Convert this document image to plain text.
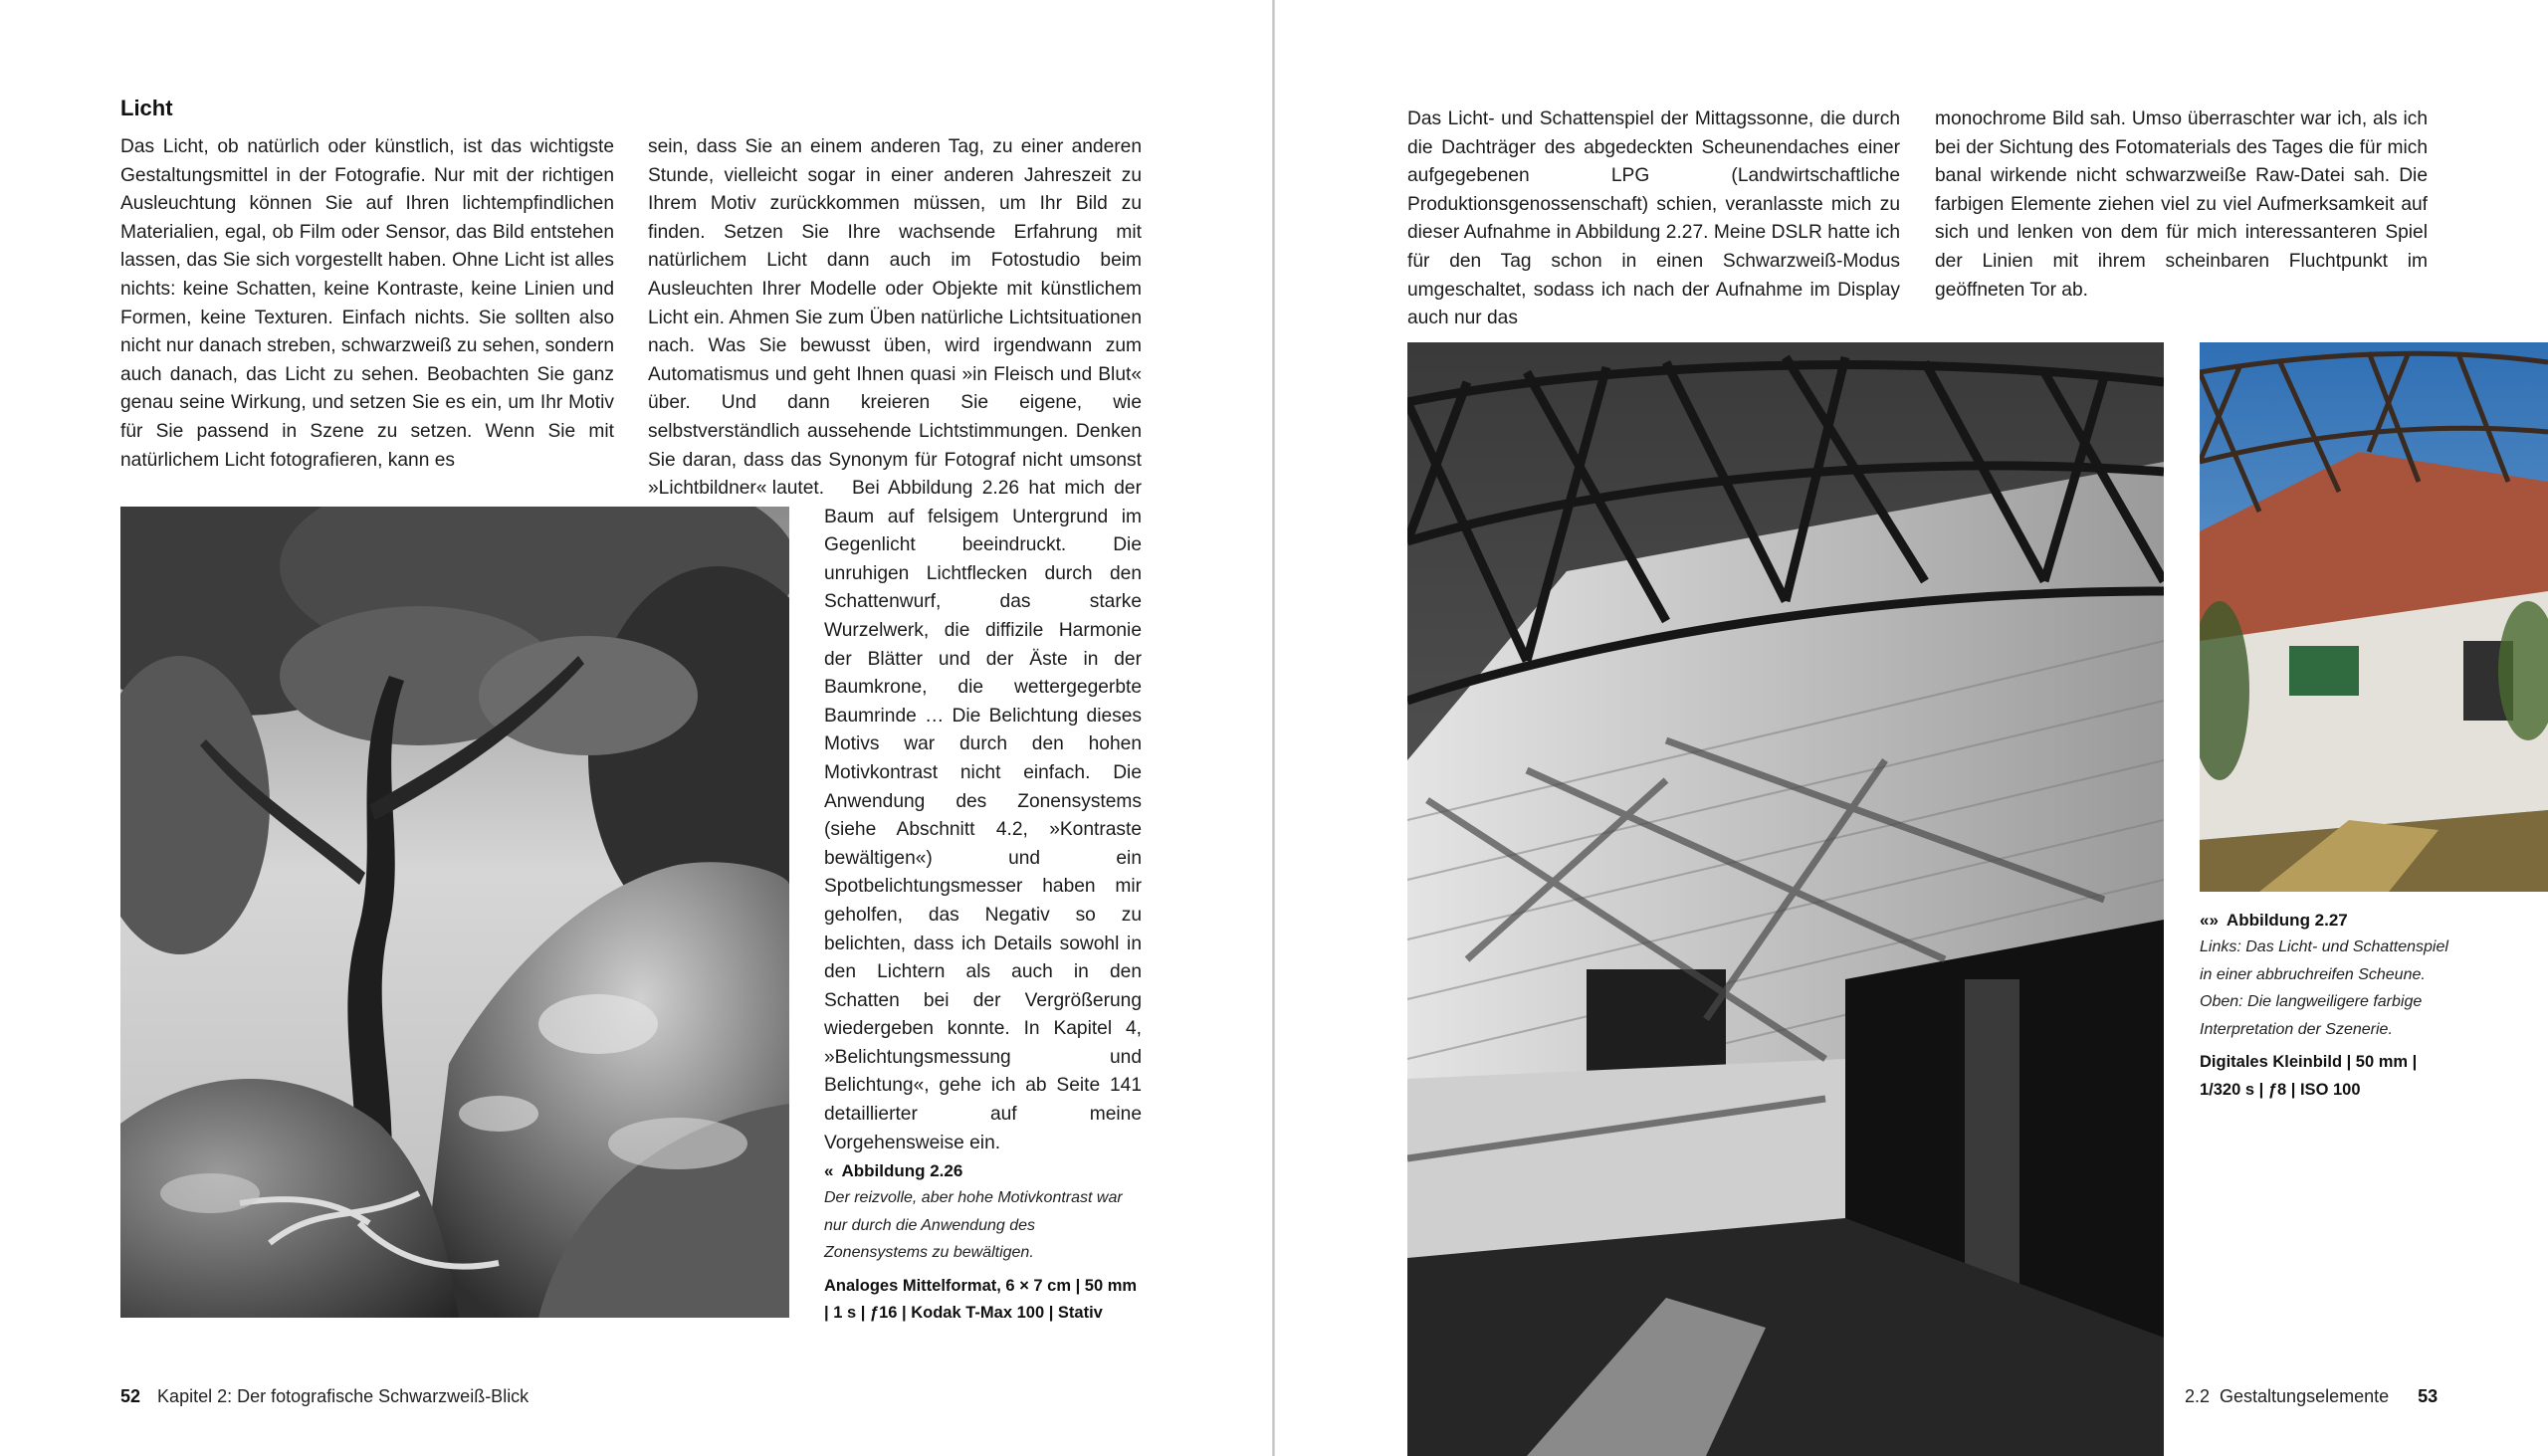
Licht

Das Licht, ob natürlich oder künstlich, ist das wichtigste Gestaltungsmittel in der Fotografie. Nur mit der richtigen Ausleuchtung können Sie auf Ihren lichtempfindlichen Materialien, egal, ob Film oder Sensor, das Bild entstehen lassen, das Sie sich vorgestellt haben. Ohne Licht ist alles nichts: keine Schatten, keine Kontraste, keine Linien und Formen, keine Texturen. Einfach nichts. Sie sollten also nicht nur danach streben, schwarzweiß zu sehen, sondern auch danach, das Licht zu sehen. Beobachten Sie ganz genau seine Wirkung, und setzen Sie es ein, um Ihr Motiv für Sie passend in Szene zu setzen. Wenn Sie mit natürlichem Licht fotografieren, kann es

sein, dass Sie an einem anderen Tag, zu einer anderen Stunde, vielleicht sogar in einer anderen Jahreszeit zu Ihrem Motiv zurückkommen müssen, um Ihr Bild zu finden. Setzen Sie Ihre wachsende Erfahrung mit natürlichem Licht dann auch im Fotostudio beim Ausleuchten Ihrer Modelle oder Objekte mit künstlichem Licht ein. Ahmen Sie zum Üben natürliche Lichtsituationen nach. Was Sie bewusst üben, wird irgendwann zum Automatismus und geht Ihnen quasi »in Fleisch und Blut« über. Und dann kreieren Sie eigene, wie selbstverständlich aussehende Lichtstimmungen. Denken Sie daran, dass das Synonym für Fotograf nicht umsonst »Lichtbildner« lautet.	Bei Abbildung 2.26 hat mich der Baum auf felsigem Untergrund im Gegenlicht beeindruckt. Die unruhigen Lichtflecken durch den Schattenwurf, das starke Wurzelwerk, die diffizile Harmonie der Blätter und der Äste in der Baumkrone, die wettergegerbte Baumrinde … Die Belichtung dieses Motivs war durch den hohen Motivkontrast nicht einfach. Die Anwendung des Zonensystems (siehe Abschnitt 4.2, »Kontraste bewältigen«) und ein Spotbelichtungsmesser haben mir geholfen, das Negativ so zu belichten, dass ich Details sowohl in den Lichtern als auch in den Schatten bei der Vergrößerung wiedergeben konnte. In Kapitel 4, »Belichtungsmessung und Belichtung«, gehe ich ab Seite 141 detaillierter auf meine Vorgehensweise ein.

« Abbildung 2.26
Der reizvolle, aber hohe Motivkontrast war nur durch die Anwendung des Zonensystems zu bewältigen.
Analoges Mittelformat, 6 × 7 cm | 50 mm | 1 s | ƒ16 | Kodak T-Max 100 | Stativ
52 Kapitel 2: Der fotografische Schwarzweiß-Blick

Das Licht- und Schattenspiel der Mittagssonne, die durch die Dachträger des abgedeckten Scheunendaches einer aufgegebenen LPG (Landwirtschaftliche Produktionsgenossenschaft) schien, veranlasste mich zu dieser Aufnahme in Abbildung 2.27. Meine DSLR hatte ich für den Tag schon in einen Schwarzweiß-Modus umgeschaltet, sodass ich nach der Aufnahme im Display auch nur das

monochrome Bild sah. Umso überraschter war ich, als ich bei der Sichtung des Fotomaterials des Tages die für mich banal wirkende nicht schwarzweiße Raw-Datei sah. Die farbigen Elemente ziehen viel zu viel Aufmerksamkeit auf sich und lenken von dem für mich interessanteren Spiel der Linien mit ihrem scheinbaren Fluchtpunkt im geöffneten Tor ab.

«» Abbildung 2.27
Links: Das Licht- und Schattenspiel in einer abbruchreifen Scheune. Oben: Die langweiligere farbige Interpretation der Szenerie.
Digitales Kleinbild | 50 mm | 1/320 s | ƒ8 | ISO 100
2.2  Gestaltungselemente 53
